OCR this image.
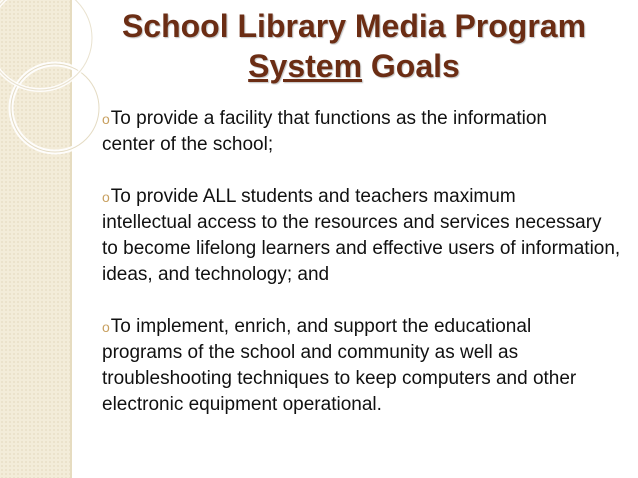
School Library Media Program
System Goals
oTo provide a facility that functions as the information
center of the school;
oTo provide ALL students and teachers maximum
intellectual access to the resources and services necessary to become lifelong learners and effective users of information, ideas, and technology; and
oTo implement, enrich, and support the educational
programs of the school and community as well as troubleshooting techniques to keep computers and other electronic equipment operational.
